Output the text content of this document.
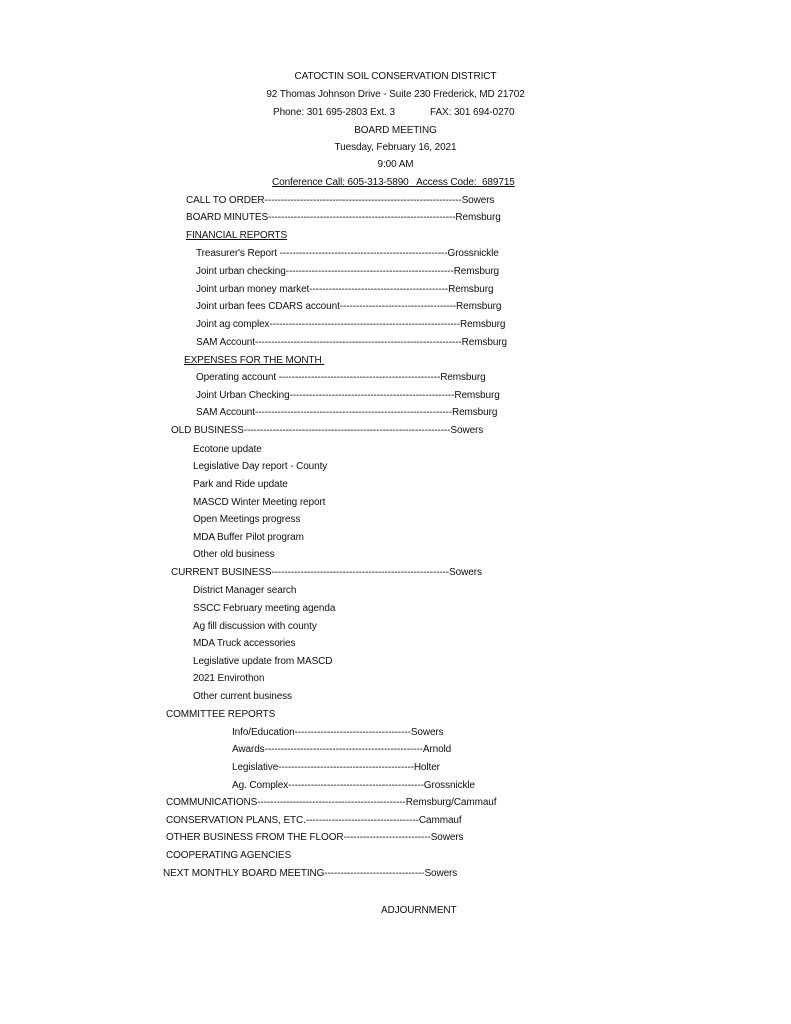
CATOCTIN SOIL CONSERVATION DISTRICT
92 Thomas Johnson Drive - Suite 230 Frederick, MD 21702
Phone: 301 695-2803 Ext. 3	FAX: 301 694-0270
BOARD MEETING
Tuesday, February 16, 2021
9:00 AM
Conference Call: 605-313-5890   Access Code:  689715
CALL TO ORDER-------------------------------------------------------------Sowers
BOARD MINUTES----------------------------------------------------------Remsburg
FINANCIAL REPORTS
Treasurer's Report ----------------------------------------------------Grossnickle
Joint urban checking----------------------------------------------------Remsburg
Joint urban money market-------------------------------------------Remsburg
Joint urban fees CDARS account------------------------------------Remsburg
Joint ag complex-----------------------------------------------------------Remsburg
SAM Account----------------------------------------------------------------Remsburg
EXPENSES FOR THE MONTH
Operating account --------------------------------------------------Remsburg
Joint Urban Checking---------------------------------------------------Remsburg
SAM Account-------------------------------------------------------------Remsburg
OLD BUSINESS----------------------------------------------------------------Sowers
Ecotone update
Legislative Day report - County
Park and Ride update
MASCD Winter Meeting report
Open Meetings progress
MDA Buffer Pilot program
Other old business
CURRENT BUSINESS-------------------------------------------------------Sowers
District Manager search
SSCC February meeting agenda
Ag fill discussion with county
MDA Truck accessories
Legislative update from MASCD
2021 Envirothon
Other current business
COMMITTEE REPORTS
Info/Education------------------------------------Sowers
Awards-------------------------------------------------Arnold
Legislative------------------------------------------Holter
Ag. Complex------------------------------------------Grossnickle
COMMUNICATIONS----------------------------------------------Remsburg/Cammauf
CONSERVATION PLANS, ETC.-----------------------------------Cammauf
OTHER BUSINESS FROM THE FLOOR---------------------------Sowers
COOPERATING AGENCIES
NEXT MONTHLY BOARD MEETING-------------------------------Sowers
ADJOURNMENT
